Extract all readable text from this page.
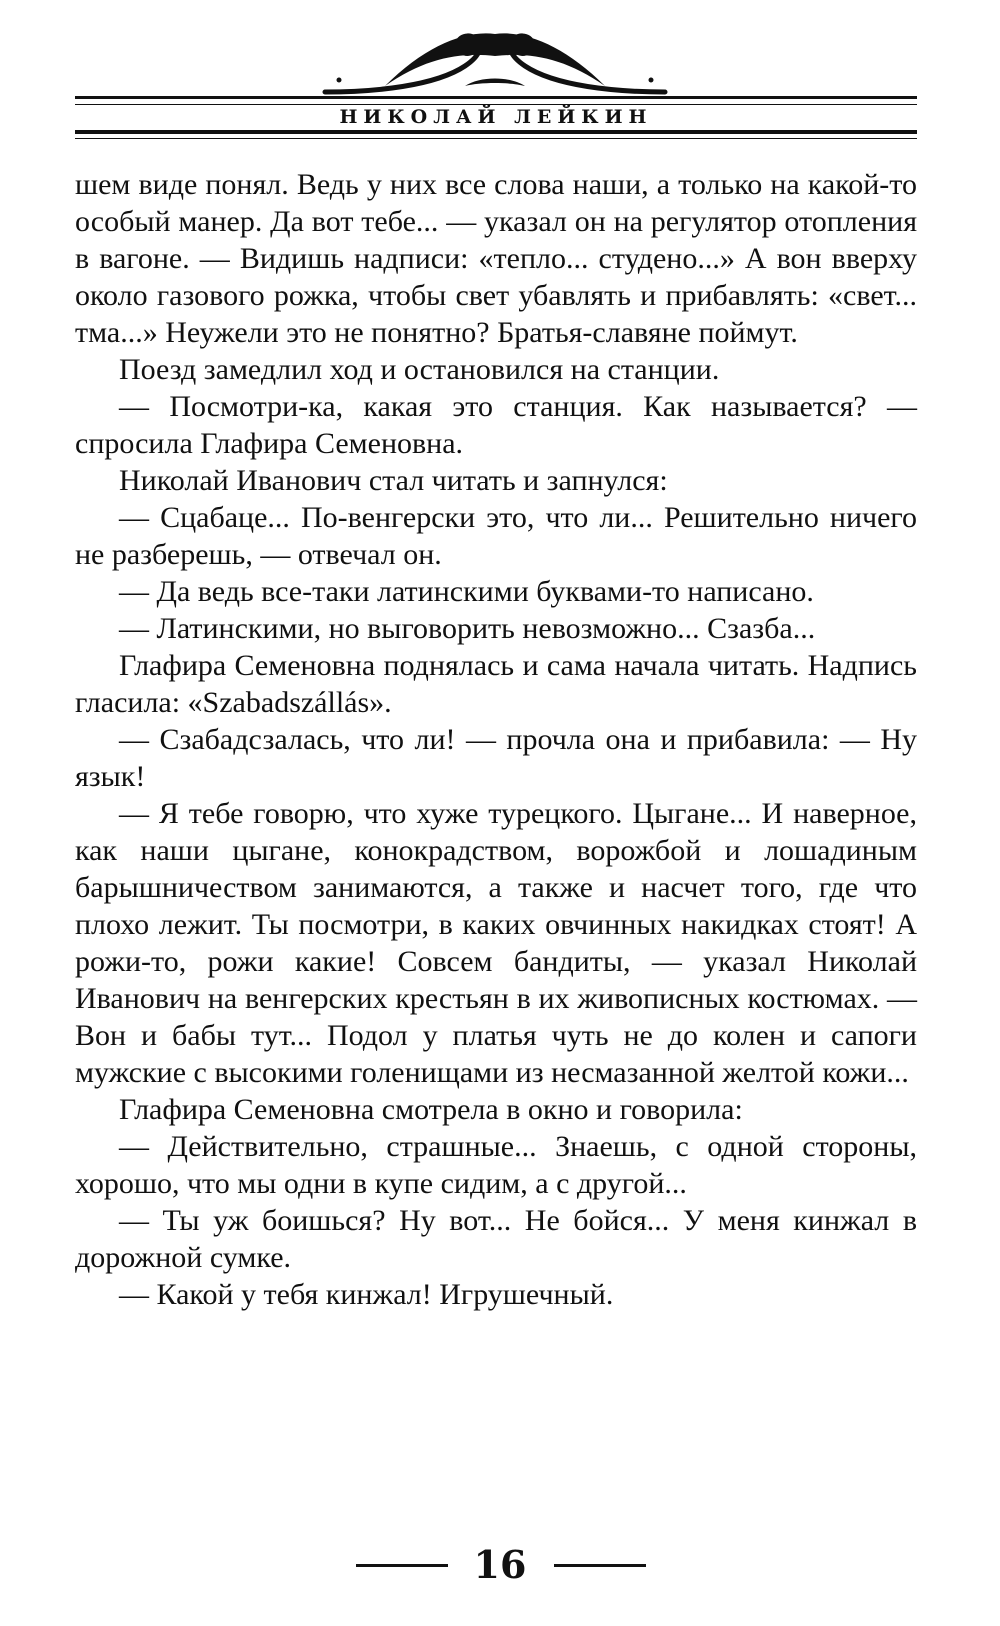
НИКОЛАЙ ЛЕЙКИН

шем виде понял. Ведь у них все слова наши, а только на какой-то особый манер. Да вот тебе... — указал он на регулятор отопления в вагоне. — Видишь надписи: «тепло... студено...» А вон вверху около газового рожка, чтобы свет убавлять и прибавлять: «свет... тма...» Неужели это не понятно? Братья-славяне поймут.

Поезд замедлил ход и остановился на станции.

— Посмотри-ка, какая это станция. Как называется? — спросила Глафира Семеновна.

Николай Иванович стал читать и запнулся:

— Сцабаце... По-венгерски это, что ли... Решительно ничего не разберешь, — отвечал он.

— Да ведь все-таки латинскими буквами-то написано.

— Латинскими, но выговорить невозможно... Сзазба...

Глафира Семеновна поднялась и сама начала читать. Надпись гласила: «Szabadszállás».

— Сзабадсзалась, что ли! — прочла она и прибавила: — Ну язык!

— Я тебе говорю, что хуже турецкого. Цыгане... И наверное, как наши цыгане, конокрадством, ворожбой и лошадиным барышничеством занимаются, а также и насчет того, где что плохо лежит. Ты посмотри, в каких овчинных накидках стоят! А рожи-то, рожи какие! Совсем бандиты, — указал Николай Иванович на венгерских крестьян в их живописных костюмах. — Вон и бабы тут... Подол у платья чуть не до колен и сапоги мужские с высокими голенищами из несмазанной желтой кожи...

Глафира Семеновна смотрела в окно и говорила:

— Действительно, страшные... Знаешь, с одной стороны, хорошо, что мы одни в купе сидим, а с другой...

— Ты уж боишься? Ну вот... Не бойся... У меня кинжал в дорожной сумке.

— Какой у тебя кинжал! Игрушечный.

16
